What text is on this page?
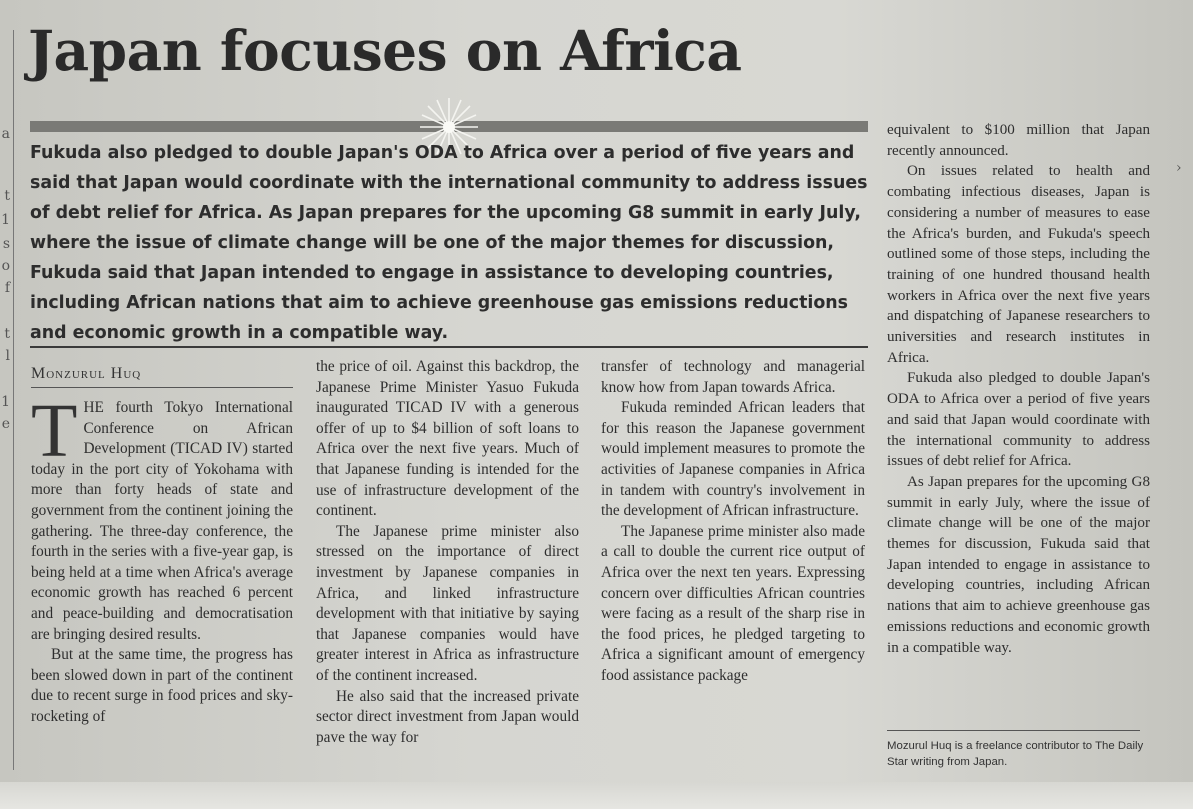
a
t
1
s
o
f
t
l
1
e
Japan focuses on Africa

Fukuda also pledged to double Japan's ODA to Africa over a period of five years and said that Japan would coordinate with the international community to address issues of debt relief for Africa. As Japan prepares for the upcoming G8 summit in early July, where the issue of climate change will be one of the major themes for discussion, Fukuda said that Japan intended to engage in assistance to developing countries, including African nations that aim to achieve greenhouse gas emissions reductions and economic growth in a compatible way.

Monzurul Huq

T HE fourth Tokyo International Conference on African Development (TICAD IV) started today in the port city of Yokohama with more than forty heads of state and government from the continent joining the gathering. The three-day conference, the fourth in the series with a five-year gap, is being held at a time when Africa's average economic growth has reached 6 percent and peace-building and democratisation are bringing desired results.

But at the same time, the progress has been slowed down in part of the continent due to recent surge in food prices and sky-rocketing of

the price of oil. Against this backdrop, the Japanese Prime Minister Yasuo Fukuda inaugurated TICAD IV with a generous offer of up to $4 billion of soft loans to Africa over the next five years. Much of that Japanese funding is intended for the use of infrastructure development of the continent.

The Japanese prime minister also stressed on the importance of direct investment by Japanese companies in Africa, and linked infrastructure development with that initiative by saying that Japanese companies would have greater interest in Africa as infrastructure of the continent increased.

He also said that the increased private sector direct investment from Japan would pave the way for

transfer of technology and managerial know how from Japan towards Africa.

Fukuda reminded African leaders that for this reason the Japanese government would implement measures to promote the activities of Japanese companies in Africa in tandem with country's involvement in the development of African infrastructure.

The Japanese prime minister also made a call to double the current rice output of Africa over the next ten years. Expressing concern over difficulties African countries were facing as a result of the sharp rise in the food prices, he pledged targeting to Africa a significant amount of emergency food assistance package

equivalent to $100 million that Japan recently announced.

On issues related to health and combating infectious diseases, Japan is considering a number of measures to ease the Africa's burden, and Fukuda's speech outlined some of those steps, including the training of one hundred thousand health workers in Africa over the next five years and dispatching of Japanese researchers to universities and research institutes in Africa.

Fukuda also pledged to double Japan's ODA to Africa over a period of five years and said that Japan would coordinate with the international community to address issues of debt relief for Africa.

As Japan prepares for the upcoming G8 summit in early July, where the issue of climate change will be one of the major themes for discussion, Fukuda said that Japan intended to engage in assistance to developing countries, including African nations that aim to achieve greenhouse gas emissions reductions and economic growth in a compatible way.

Mozurul Huq is a freelance contributor to The Daily Star writing from Japan.

›
